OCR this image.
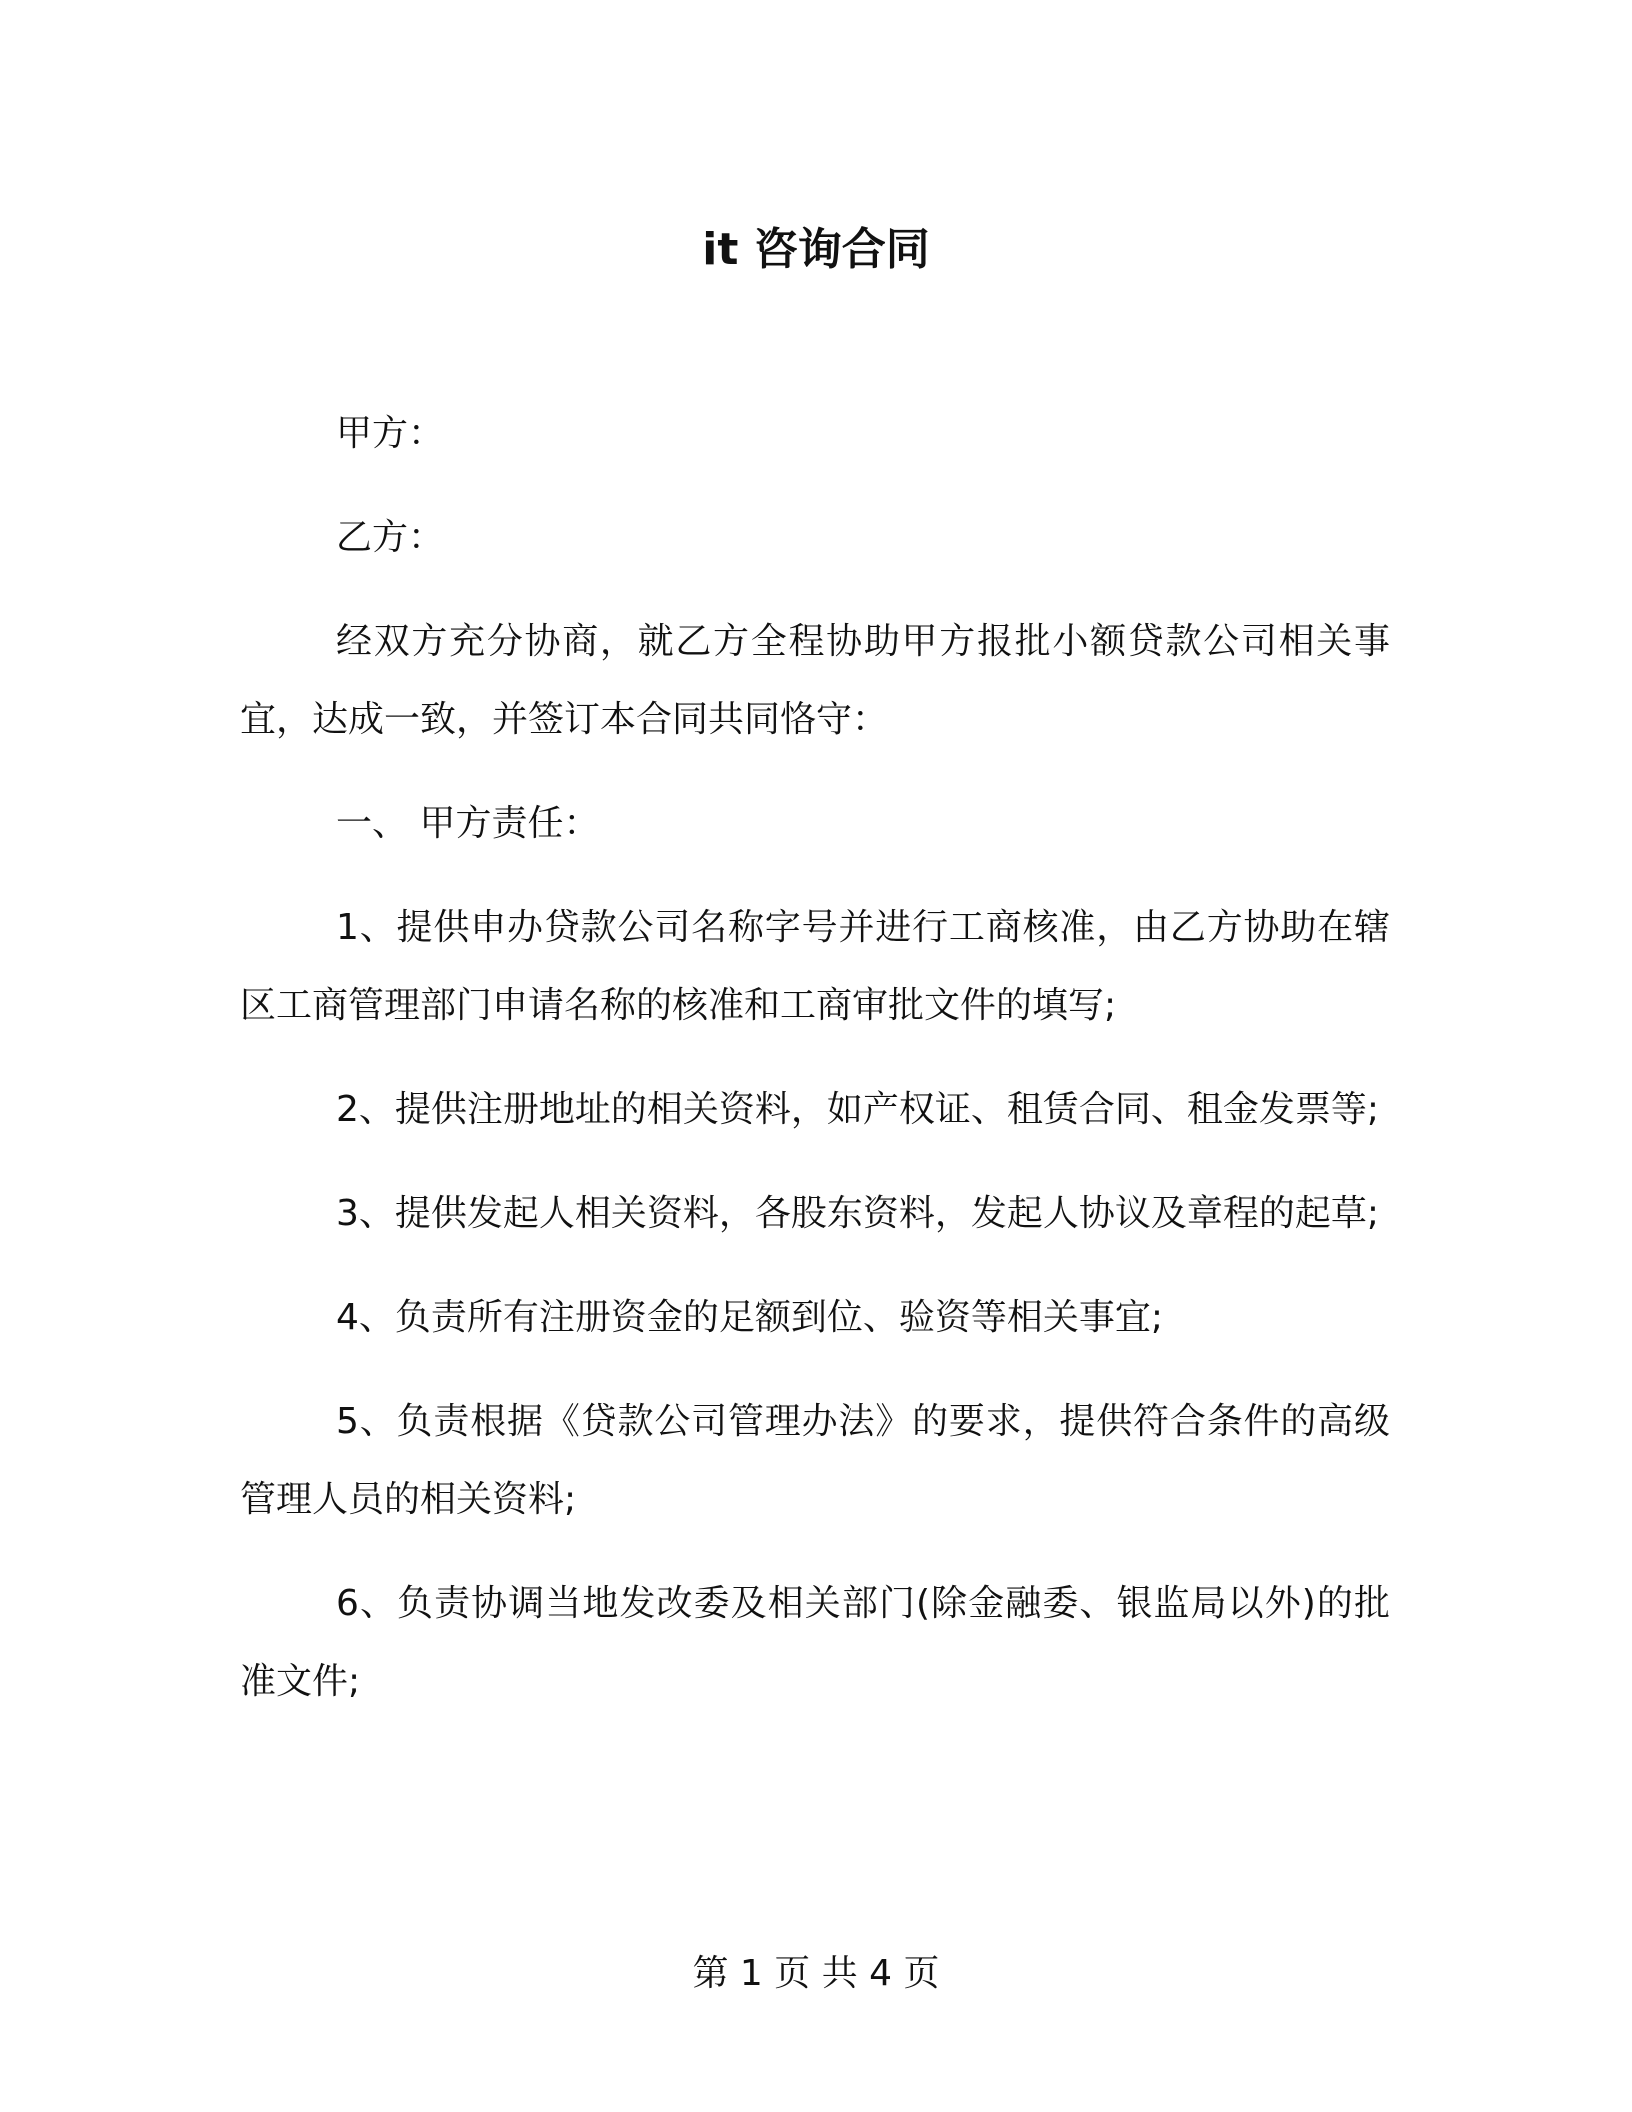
it 咨询合同

甲方：

乙方：

经双方充分协商，就乙方全程协助甲方报批小额贷款公司相关事宜，达成一致，并签订本合同共同恪守：

一、 甲方责任：

1、提供申办贷款公司名称字号并进行工商核准，由乙方协助在辖区工商管理部门申请名称的核准和工商审批文件的填写;

2、提供注册地址的相关资料，如产权证、租赁合同、租金发票等;

3、提供发起人相关资料，各股东资料，发起人协议及章程的起草;

4、负责所有注册资金的足额到位、验资等相关事宜;

5、负责根据《贷款公司管理办法》的要求，提供符合条件的高级管理人员的相关资料;

6、负责协调当地发改委及相关部门(除金融委、银监局以外)的批准文件;

第 1 页 共 4 页
